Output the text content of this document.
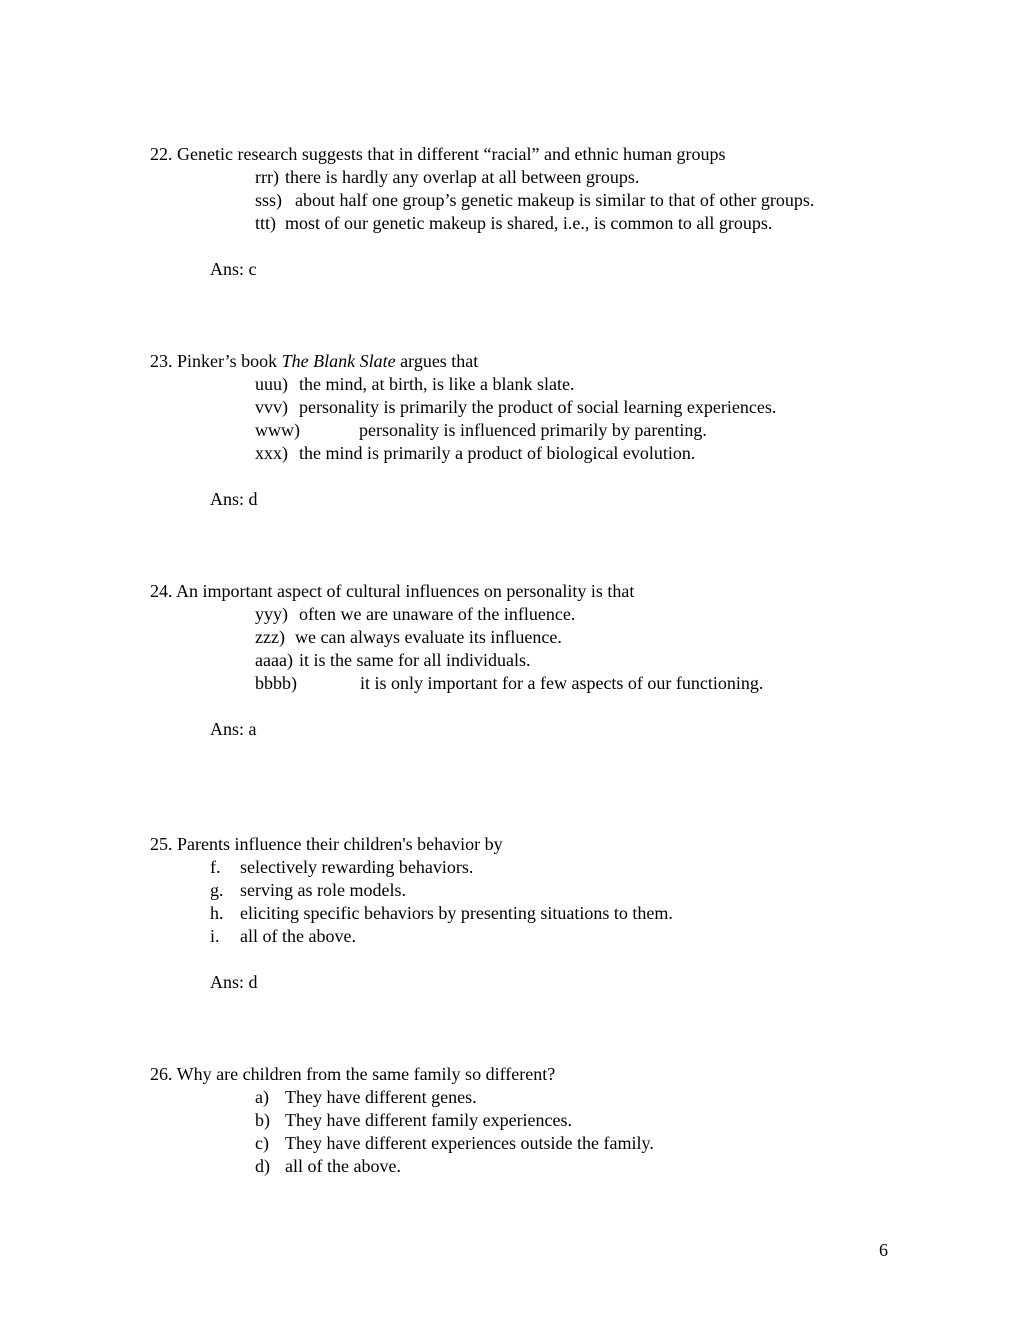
22. Genetic research suggests that in different “racial” and ethnic human groups
rrr) there is hardly any overlap at all between groups.
sss) about half one group’s genetic makeup is similar to that of other groups.
ttt) most of our genetic makeup is shared, i.e., is common to all groups.
Ans: c
23. Pinker’s book The Blank Slate argues that
uuu) the mind, at birth, is like a blank slate.
vvv) personality is primarily the product of social learning experiences.
www)	personality is influenced primarily by parenting.
xxx) the mind is primarily a product of biological evolution.
Ans: d
24. An important aspect of cultural influences on personality is that
yyy) often we are unaware of the influence.
zzz) we can always evaluate its influence.
aaaa) it is the same for all individuals.
bbbb)	it is only important for a few aspects of our functioning.
Ans: a
25. Parents influence their children's behavior by
f. selectively rewarding behaviors.
g. serving as role models.
h. eliciting specific behaviors by presenting situations to them.
i. all of the above.
Ans: d
26. Why are children from the same family so different?
a) They have different genes.
b) They have different family experiences.
c) They have different experiences outside the family.
d) all of the above.
6
